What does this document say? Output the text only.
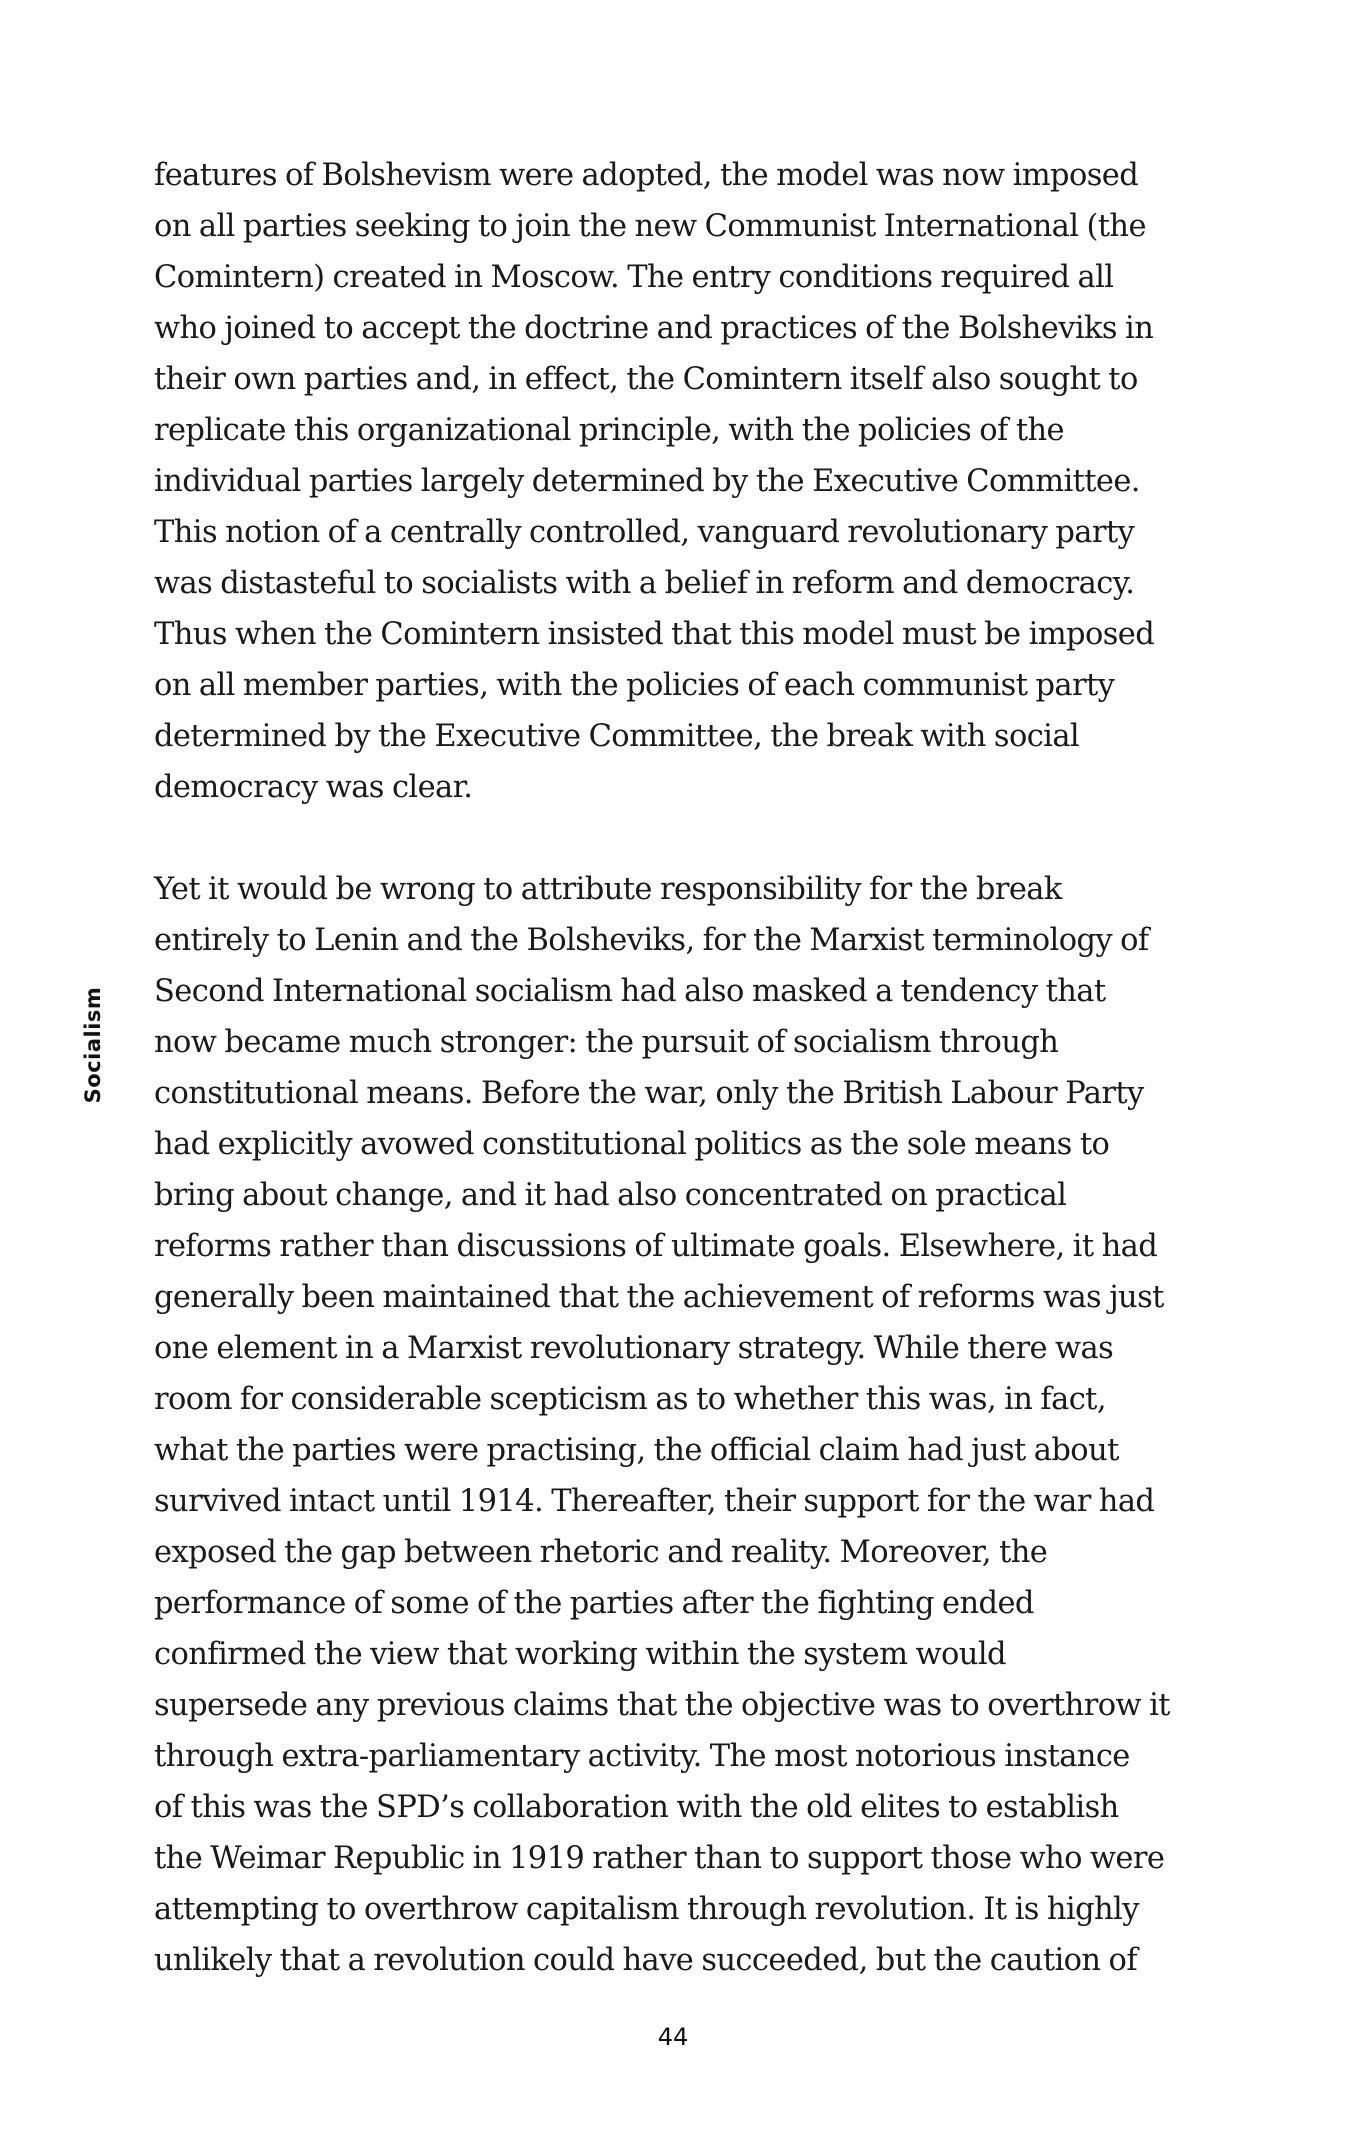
Socialism

features of Bolshevism were adopted, the model was now imposed
on all parties seeking to join the new Communist International (the
Comintern) created in Moscow. The entry conditions required all
who joined to accept the doctrine and practices of the Bolsheviks in
their own parties and, in effect, the Comintern itself also sought to
replicate this organizational principle, with the policies of the
individual parties largely determined by the Executive Committee.
This notion of a centrally controlled, vanguard revolutionary party
was distasteful to socialists with a belief in reform and democracy.
Thus when the Comintern insisted that this model must be imposed
on all member parties, with the policies of each communist party
determined by the Executive Committee, the break with social
democracy was clear.

Yet it would be wrong to attribute responsibility for the break
entirely to Lenin and the Bolsheviks, for the Marxist terminology of
Second International socialism had also masked a tendency that
now became much stronger: the pursuit of socialism through
constitutional means. Before the war, only the British Labour Party
had explicitly avowed constitutional politics as the sole means to
bring about change, and it had also concentrated on practical
reforms rather than discussions of ultimate goals. Elsewhere, it had
generally been maintained that the achievement of reforms was just
one element in a Marxist revolutionary strategy. While there was
room for considerable scepticism as to whether this was, in fact,
what the parties were practising, the official claim had just about
survived intact until 1914. Thereafter, their support for the war had
exposed the gap between rhetoric and reality. Moreover, the
performance of some of the parties after the fighting ended
confirmed the view that working within the system would
supersede any previous claims that the objective was to overthrow it
through extra-parliamentary activity. The most notorious instance
of this was the SPD’s collaboration with the old elites to establish
the Weimar Republic in 1919 rather than to support those who were
attempting to overthrow capitalism through revolution. It is highly
unlikely that a revolution could have succeeded, but the caution of

44
